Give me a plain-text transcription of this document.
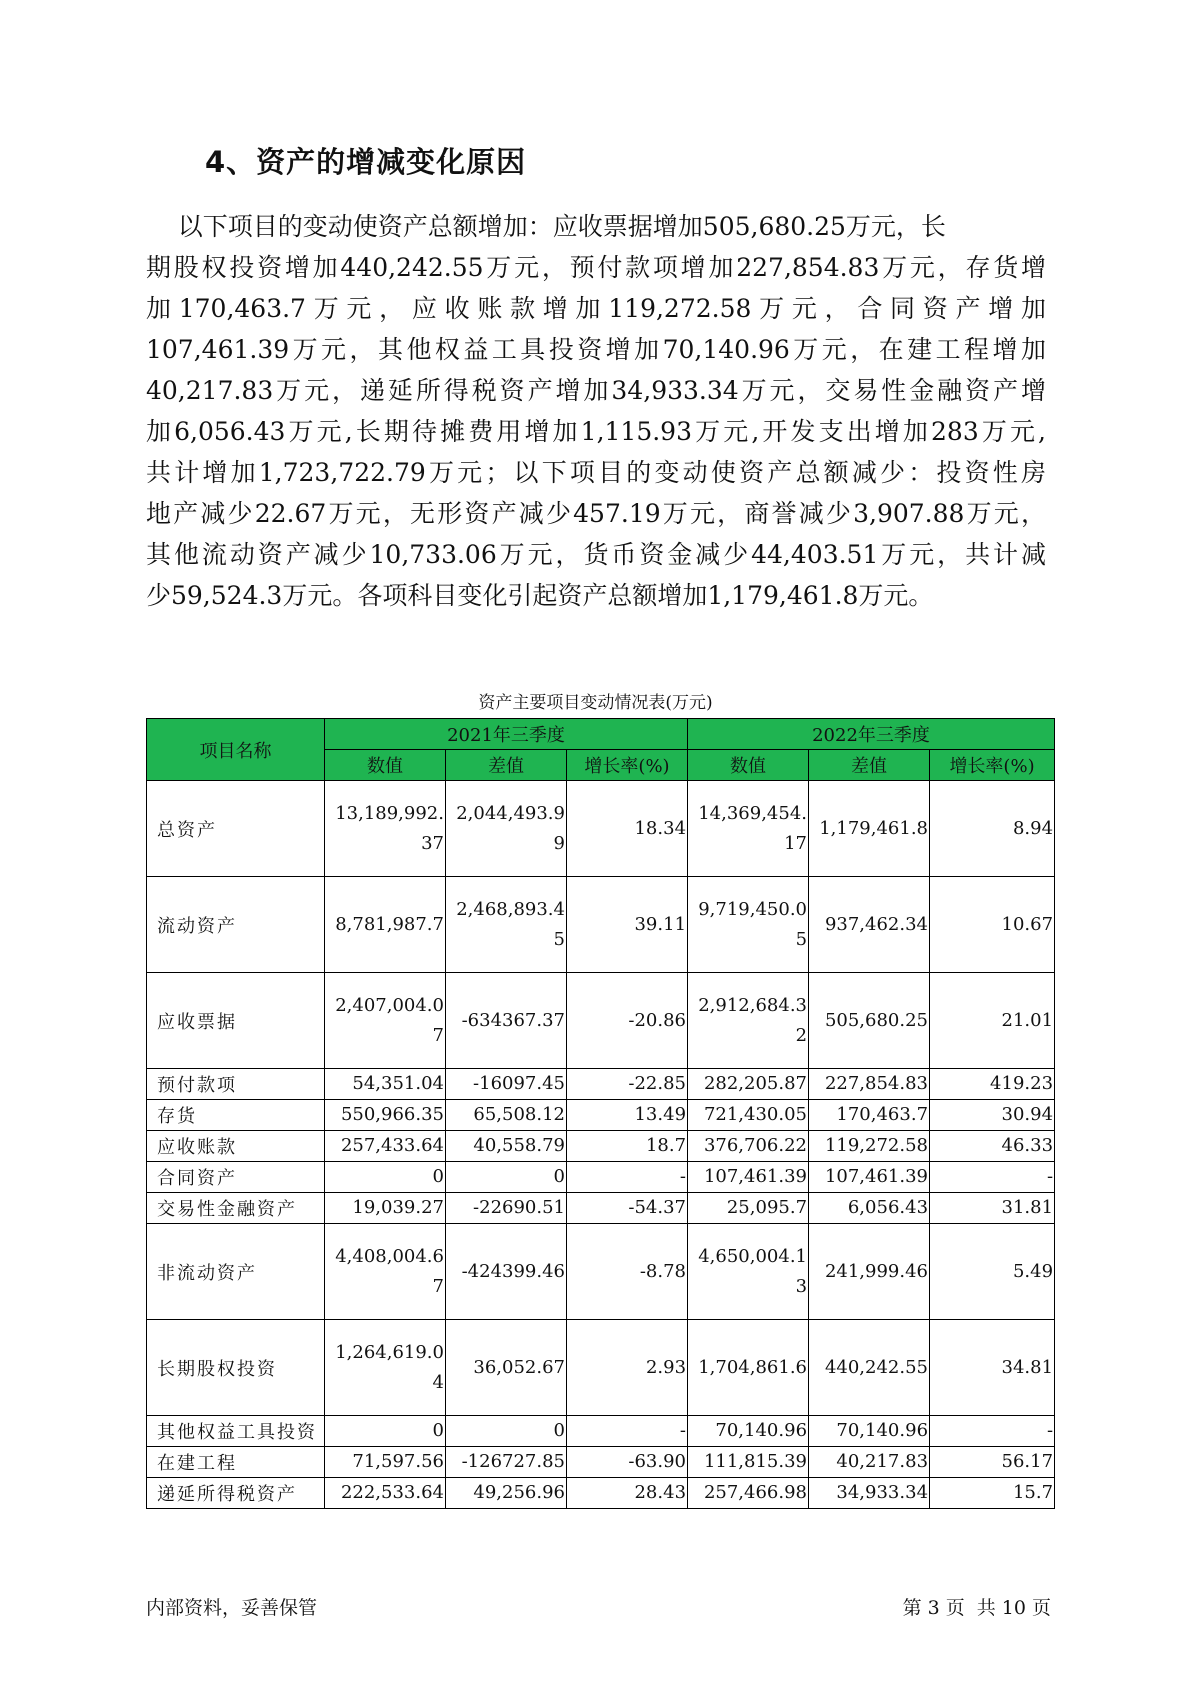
4、资产的增减变化原因
以下项目的变动使资产总额增加：应收票据增加505,680.25万元，长
期股权投资增加440,242.55万元，预付款项增加227,854.83万元，存货增
加170,463.7万元，应收账款增加119,272.58万元，合同资产增加
107,461.39万元，其他权益工具投资增加70,140.96万元，在建工程增加
40,217.83万元，递延所得税资产增加34,933.34万元，交易性金融资产增
加6,056.43万元,长期待摊费用增加1,115.93万元,开发支出增加283万元,
共计增加1,723,722.79万元；以下项目的变动使资产总额减少：投资性房
地产减少22.67万元，无形资产减少457.19万元，商誉减少3,907.88万元，
其他流动资产减少10,733.06万元，货币资金减少44,403.51万元，共计减
少59,524.3万元。各项科目变化引起资产总额增加1,179,461.8万元。
资产主要项目变动情况表(万元)
项目名称	2021年三季度			2022年三季度		
	数值	差值	增长率(%)	数值	差值	增长率(%)
总资产	13,189,992.37	2,044,493.99	18.34	14,369,454.17	1,179,461.8	8.94
流动资产	8,781,987.7	2,468,893.45	39.11	9,719,450.05	937,462.34	10.67
应收票据	2,407,004.07	-634367.37	-20.86	2,912,684.32	505,680.25	21.01
预付款项	54,351.04	-16097.45	-22.85	282,205.87	227,854.83	419.23
存货	550,966.35	65,508.12	13.49	721,430.05	170,463.7	30.94
应收账款	257,433.64	40,558.79	18.7	376,706.22	119,272.58	46.33
合同资产	0	0	-	107,461.39	107,461.39	-
交易性金融资产	19,039.27	-22690.51	-54.37	25,095.7	6,056.43	31.81
非流动资产	4,408,004.67	-424399.46	-8.78	4,650,004.13	241,999.46	5.49
长期股权投资	1,264,619.04	36,052.67	2.93	1,704,861.6	440,242.55	34.81
其他权益工具投资	0	0	-	70,140.96	70,140.96	-
在建工程	71,597.56	-126727.85	-63.90	111,815.39	40,217.83	56.17
递延所得税资产	222,533.64	49,256.96	28.43	257,466.98	34,933.34	15.7
内部资料，妥善保管	第 3 页 共 10 页
